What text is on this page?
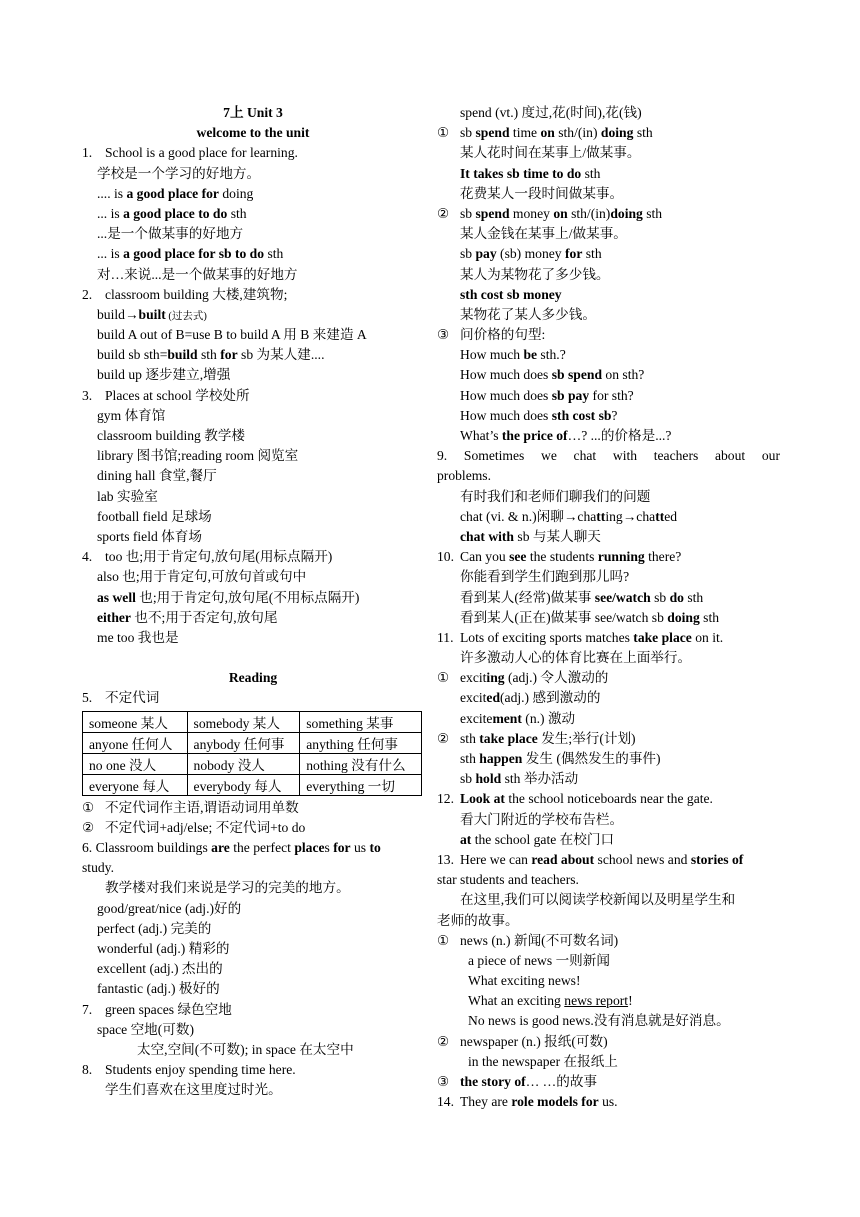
7上 Unit 3
welcome to the unit
1. School is a good place for learning.
学校是一个学习的好地方。
.... is a good place for doing
... is a good place to do sth
...是一个做某事的好地方
... is a good place for sb to do sth
对…来说...是一个做某事的好地方
2. classroom building 大楼,建筑物;
build→built (过去式)
build A out of B=use B to build A 用 B 来建造 A
build sb sth=build sth for sb 为某人建....
build up 逐步建立,增强
3. Places at school 学校处所
gym 体育馆
classroom building 教学楼
library 图书馆;reading room 阅览室
dining hall 食堂,餐厅
lab 实验室
football field 足球场
sports field 体育场
4. too 也;用于肯定句,放句尾(用标点隔开)
also 也;用于肯定句,可放句首或句中
as well 也;用于肯定句,放句尾(不用标点隔开)
either 也不;用于否定句,放句尾
me too 我也是
Reading
5. 不定代词
someone 某人	somebody 某人	something 某事
anyone 任何人	anybody 任何事	anything 任何事
no one 没人	nobody 没人	nothing 没有什么
everyone 每人	everybody 每人	everything 一切
① 不定代词作主语,谓语动词用单数
② 不定代词+adj/else; 不定代词+to do
6. Classroom buildings are the perfect places for us to
study.
教学楼对我们来说是学习的完美的地方。
good/great/nice (adj.)好的
perfect (adj.) 完美的
wonderful (adj.) 精彩的
excellent (adj.) 杰出的
fantastic (adj.) 极好的
7. green spaces 绿色空地
space 空地(可数)
太空,空间(不可数); in space 在太空中
8. Students enjoy spending time here.
学生们喜欢在这里度过时光。
spend (vt.) 度过,花(时间),花(钱)
① sb spend time on sth/(in) doing sth
某人花时间在某事上/做某事。
It takes sb time to do sth
花费某人一段时间做某事。
② sb spend money on sth/(in)doing sth
某人金钱在某事上/做某事。
sb pay (sb) money for sth
某人为某物花了多少钱。
sth cost sb money
某物花了某人多少钱。
③ 问价格的句型:
How much be sth.?
How much does sb spend on sth?
How much does sb pay for sth?
How much does sth cost sb?
What’s the price of…? ...的价格是...?
9. Sometimes we chat with teachers about our
problems.
有时我们和老师们聊我们的问题
chat (vi. & n.)闲聊→chatting→chatted
chat with sb 与某人聊天
10. Can you see the students running there?
你能看到学生们跑到那儿吗?
看到某人(经常)做某事 see/watch sb do sth
看到某人(正在)做某事 see/watch sb doing sth
11. Lots of exciting sports matches take place on it.
许多激动人心的体育比赛在上面举行。
① exciting (adj.) 令人激动的
excited(adj.) 感到激动的
excitement (n.) 激动
② sth take place 发生;举行(计划)
sth happen 发生 (偶然发生的事件)
sb hold sth 举办活动
12. Look at the school noticeboards near the gate.
看大门附近的学校布告栏。
at the school gate 在校门口
13. Here we can read about school news and stories of
star students and teachers.
在这里,我们可以阅读学校新闻以及明星学生和
老师的故事。
① news (n.) 新闻(不可数名词)
a piece of news 一则新闻
What exciting news!
What an exciting news report!
No news is good news.没有消息就是好消息。
② newspaper (n.) 报纸(可数)
in the newspaper 在报纸上
③ the story of… …的故事
14. They are role models for us.
